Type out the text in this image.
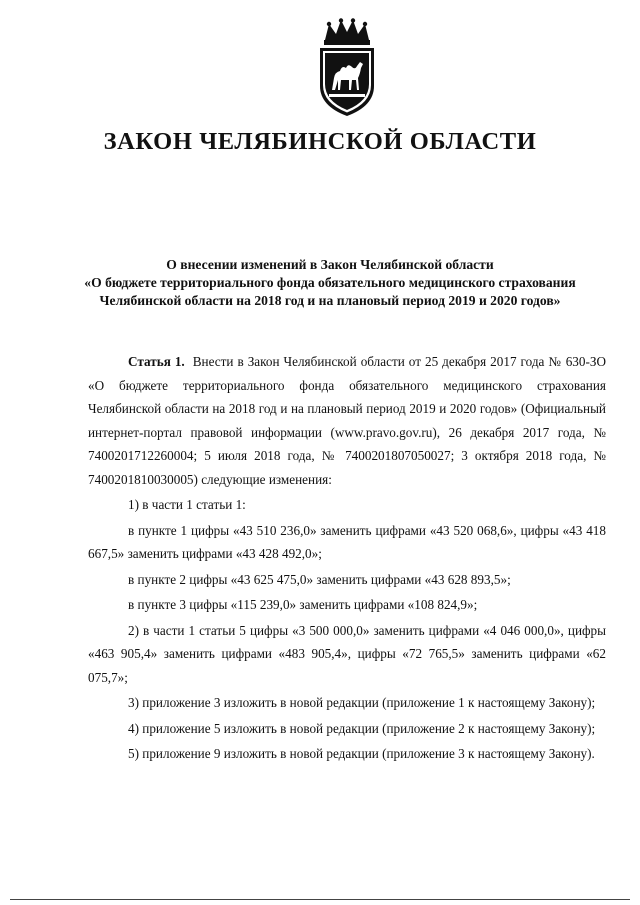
ЗАКОН ЧЕЛЯБИНСКОЙ ОБЛАСТИ
О внесении изменений в Закон Челябинской области
«О бюджете территориального фонда обязательного медицинского страхования
Челябинской области на 2018 год и на плановый период 2019 и 2020 годов»

Статья 1. Внести в Закон Челябинской области от 25 декабря 2017 года № 630-ЗО «О бюджете территориального фонда обязательного медицинского страхования Челябинской области на 2018 год и на плановый период 2019 и 2020 годов» (Официальный интернет-портал правовой информации (www.pravo.gov.ru), 26 декабря 2017 года, № 7400201712260004; 5 июля 2018 года, № 7400201807050027; 3 октября 2018 года, № 7400201810030005) следующие изменения:

1) в части 1 статьи 1:

в пункте 1 цифры «43 510 236,0» заменить цифрами «43 520 068,6», цифры «43 418 667,5» заменить цифрами «43 428 492,0»;

в пункте 2 цифры «43 625 475,0» заменить цифрами «43 628 893,5»;

в пункте 3 цифры «115 239,0» заменить цифрами «108 824,9»;

2) в части 1 статьи 5 цифры «3 500 000,0» заменить цифрами «4 046 000,0», цифры «463 905,4» заменить цифрами «483 905,4», цифры «72 765,5» заменить цифрами «62 075,7»;

3) приложение 3 изложить в новой редакции (приложение 1 к настоящему Закону);

4) приложение 5 изложить в новой редакции (приложение 2 к настоящему Закону);

5) приложение 9 изложить в новой редакции (приложение 3 к настоящему Закону).
